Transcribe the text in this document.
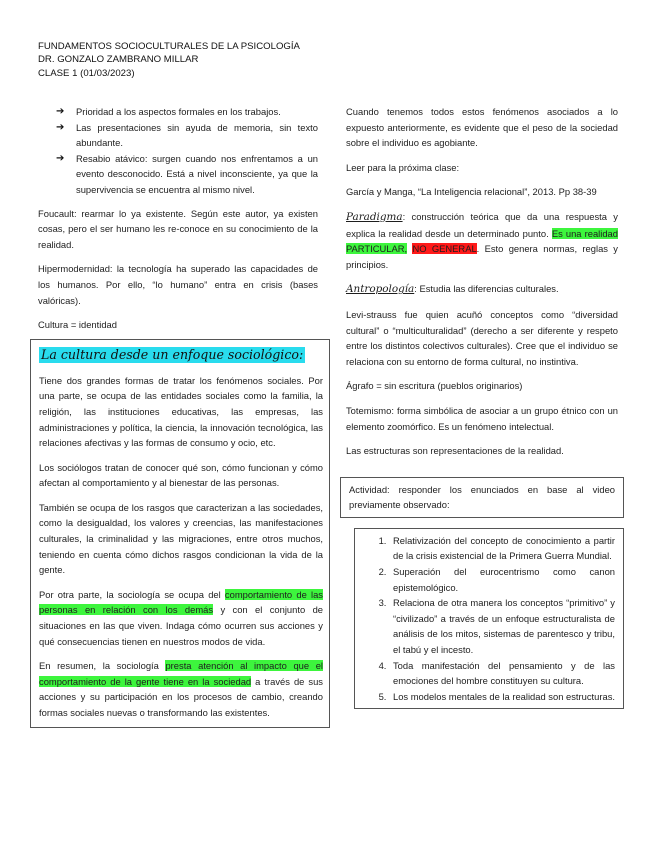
FUNDAMENTOS SOCIOCULTURALES DE LA PSICOLOGÍA
DR. GONZALO ZAMBRANO MILLAR
CLASE 1 (01/03/2023)
➔ Prioridad a los aspectos formales en los trabajos.
➔ Las presentaciones sin ayuda de memoria, sin texto abundante.
➔ Resabio atávico: surgen cuando nos enfrentamos a un evento desconocido. Está a nivel inconsciente, ya que la supervivencia se encuentra al mismo nivel.

Foucault: rearmar lo ya existente. Según este autor, ya existen cosas, pero el ser humano les re-conoce en su conocimiento de la realidad.

Hipermodernidad: la tecnología ha superado las capacidades de los humanos. Por ello, “lo humano” entra en crisis (bases valóricas).

Cultura = identidad

La cultura desde un enfoque sociológico:

Tiene dos grandes formas de tratar los fenómenos sociales. Por una parte, se ocupa de las entidades sociales como la familia, la religión, las instituciones educativas, las empresas, las administraciones y política, la ciencia, la innovación tecnológica, las relaciones afectivas y las formas de consumo y ocio, etc.

Los sociólogos tratan de conocer qué son, cómo funcionan y cómo afectan al comportamiento y al bienestar de las personas.

También se ocupa de los rasgos que caracterizan a las sociedades, como la desigualdad, los valores y creencias, las manifestaciones culturales, la criminalidad y las migraciones, entre otros muchos, teniendo en cuenta cómo dichos rasgos condicionan la vida de la gente.

Por otra parte, la sociología se ocupa del comportamiento de las personas en relación con los demás y con el conjunto de situaciones en las que viven. Indaga cómo ocurren sus acciones y qué consecuencias tienen en nuestros modos de vida.

En resumen, la sociología presta atención al impacto que el comportamiento de la gente tiene en la sociedad a través de sus acciones y su participación en los procesos de cambio, creando formas sociales nuevas o transformando las existentes.

Cuando tenemos todos estos fenómenos asociados a lo expuesto anteriormente, es evidente que el peso de la sociedad sobre el individuo es agobiante.

Leer para la próxima clase:

García y Manga, “La Inteligencia relacional”, 2013. Pp 38-39

Paradigma: construcción teórica que da una respuesta y explica la realidad desde un determinado punto. Es una realidad PARTICULAR, NO GENERAL. Esto genera normas, reglas y principios.

Antropología: Estudia las diferencias culturales.

Levi-strauss fue quien acuñó conceptos como “diversidad cultural” o “multiculturalidad” (derecho a ser diferente y respeto entre los distintos colectivos culturales). Cree que el individuo se relaciona con su entorno de forma cultural, no instintiva.

Ágrafo = sin escritura (pueblos originarios)

Totemismo: forma simbólica de asociar a un grupo étnico con un elemento zoomórfico. Es un fenómeno intelectual.

Las estructuras son representaciones de la realidad.

Actividad: responder los enunciados en base al video previamente observado:
1. Relativización del concepto de conocimiento a partir de la crisis existencial de la Primera Guerra Mundial.
2. Superación del eurocentrismo como canon epistemológico.
3. Relaciona de otra manera los conceptos “primitivo” y “civilizado” a través de un enfoque estructuralista de análisis de los mitos, sistemas de parentesco y tribu, el tabú y el incesto.
4. Toda manifestación del pensamiento y de las emociones del hombre constituyen su cultura.
5. Los modelos mentales de la realidad son estructuras.
